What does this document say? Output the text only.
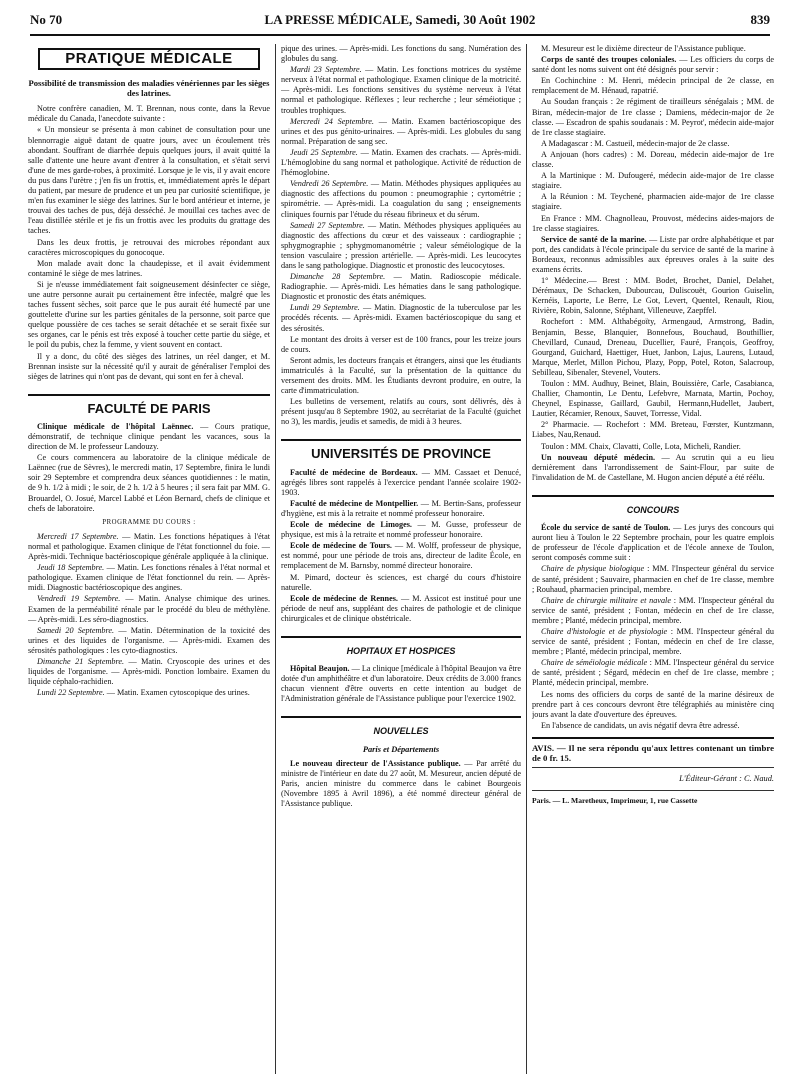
No 70	LA PRESSE MÉDICALE, Samedi, 30 Août 1902	839
PRATIQUE MÉDICALE
Possibilité de transmission des maladies vénériennes par les sièges des latrines.

Notre confrère canadien, M. T. Brennan, nous conte, dans la Revue médicale du Canada, l'anecdote suivante :

« Un monsieur se présenta à mon cabinet de consultation pour une blennorragie aiguë datant de quatre jours, avec un écoulement très abondant. Souffrant de diarrhée depuis quelques jours, il avait quitté la salle d'attente une heure avant d'entrer à la consultation, et s'était servi d'une de mes garde-robes, à proximité. Lorsque je le vis, il y avait encore du pus dans l'urètre ; j'en fis un frottis, et, immédiatement après le départ du patient, par mesure de prudence et un peu par curiosité scientifique, je m'en fus examiner le siège des latrines. Sur le bord antérieur et interne, je trouvai des taches de pus, déjà desséché. Je mouillai ces taches avec de l'eau distillée stérile et je fis un frottis avec les produits du grattage des taches.

Dans les deux frottis, je retrouvai des microbes répondant aux caractères microscopiques du gonocoque.

Mon malade avait donc la chaudepisse, et il avait évidemment contaminé le siège de mes latrines.

Si je n'eusse immédiatement fait soigneusement désinfecter ce siège, une autre personne aurait pu certainement être infectée, malgré que les taches fussent sèches, soit parce que le pus aurait été humecté par une gouttelette d'urine sur les parties génitales de la personne, soit parce que quelque poussière de ces taches se serait détachée et se serait fixée sur ses organes, car le pénis est très exposé à toucher cette partie du siège, et le poil du pubis, chez la femme, y vient souvent en contact.

Il y a donc, du côté des sièges des latrines, un réel danger, et M. Brennan insiste sur la nécessité qu'il y aurait de généraliser l'emploi des sièges de latrines qui n'ont pas de devant, qui sont en fer à cheval.

FACULTÉ DE PARIS

Clinique médicale de l'hôpital Laënnec. — Cours pratique, démonstratif, de technique clinique pendant les vacances, sous la direction de M. le professeur Landouzy.

Ce cours commencera au laboratoire de la clinique médicale de Laënnec (rue de Sèvres), le mercredi matin, 17 Septembre, finira le lundi soir 29 Septembre et comprendra deux séances quotidiennes : le matin, de 9 h. 1/2 à midi ; le soir, de 2 h. 1/2 à 5 heures ; il sera fait par MM. G. Brouardel, O. Josué, Marcel Labbé et Léon Bernard, chefs de clinique et chefs de laboratoire.

PROGRAMME DU COURS :

Mercredi 17 Septembre. — Matin. Les fonctions hépatiques à l'état normal et pathologique. Examen clinique de l'état fonctionnel du foie. — Après-midi. Technique bactérioscopique générale appliquée à la clinique.

Jeudi 18 Septembre. — Matin. Les fonctions rénales à l'état normal et pathologique. Examen clinique de l'état fonctionnel du rein. — Après-midi. Diagnostic bactérioscopique des angines.

Vendredi 19 Septembre. — Matin. Analyse chimique des urines. Examen de la perméabilité rénale par le procédé du bleu de méthylène. — Après-midi. Les séro-diagnostics.

Samedi 20 Septembre. — Matin. Détermination de la toxicité des urines et des liquides de l'organisme. — Après-midi. Examen des sérosités pathologiques : les cyto-diagnostics.

Dimanche 21 Septembre. — Matin. Cryoscopie des urines et des liquides de l'organisme. — Après-midi. Ponction lombaire. Examen du liquide céphalo-rachidien.

Lundi 22 Septembre. — Matin. Examen cytoscopique des urines.

pique des urines. — Après-midi. Les fonctions du sang. Numération des globules du sang.

Mardi 23 Septembre. — Matin. Les fonctions motrices du système nerveux à l'état normal et pathologique. Examen clinique de la motricité. — Après-midi. Les fonctions sensitives du système nerveux à l'état normal et pathologique. Réflexes ; leur recherche ; leur séméiotique ; troubles trophiques.

Mercredi 24 Septembre. — Matin. Examen bactérioscopique des urines et des pus génito-urinaires. — Après-midi. Les globules du sang normal. Préparation de sang sec.

Jeudi 25 Septembre. — Matin. Examen des crachats. — Après-midi. L'hémoglobine du sang normal et pathologique. Activité de réduction de l'hémoglobine.

Vendredi 26 Septembre. — Matin. Méthodes physiques appliquées au diagnostic des affections du poumon : pneumographie ; cyrtométrie ; spirométrie. — Après-midi. La coagulation du sang ; enseignements cliniques fournis par l'étude du réseau fibrineux et du sérum.

Samedi 27 Septembre. — Matin. Méthodes physiques appliquées au diagnostic des affections du cœur et des vaisseaux : cardiographie ; sphygmographie ; sphygmomanométrie ; valeur séméiologique de la tension vasculaire ; pression artérielle. — Après-midi. Les leucocytes dans le sang pathologique. Diagnostic et pronostic des leucocytoses.

Dimanche 28 Septembre. — Matin. Radioscopie médicale. Radiographie. — Après-midi. Les hématies dans le sang pathologique. Diagnostic et pronostic des états anémiques.

Lundi 29 Septembre. — Matin. Diagnostic de la tuberculose par les procédés récents. — Après-midi. Examen bactérioscopique du sang et des sérosités.

Le montant des droits à verser est de 100 francs, pour les treize jours de cours.

Seront admis, les docteurs français et étrangers, ainsi que les étudiants immatriculés à la Faculté, sur la présentation de la quittance du versement des droits. MM. les Étudiants devront produire, en outre, la carte d'immatriculation.

Les bulletins de versement, relatifs au cours, sont délivrés, dès à présent jusqu'au 8 Septembre 1902, au secrétariat de la Faculté (guichet no 3), les mardis, jeudis et samedis, de midi à 3 heures.

UNIVERSITÉS DE PROVINCE

Faculté de médecine de Bordeaux. — MM. Cassaet et Denucé, agrégés libres sont rappelés à l'exercice pendant l'année scolaire 1902-1903.

Faculté de médecine de Montpellier. — M. Bertin-Sans, professeur d'hygiène, est mis à la retraite et nommé professeur honoraire.

Ecole de médecine de Limoges. — M. Gusse, professeur de physique, est mis à la retraite et nommé professeur honoraire.

Ecole de médecine de Tours. — M. Wolff, professeur de physique, est nommé, pour une période de trois ans, directeur de ladite École, en remplacement de M. Barnsby, nommé directeur honoraire.

M. Pimard, docteur ès sciences, est chargé du cours d'histoire naturelle.

Ecole de médecine de Rennes. — M. Assicot est institué pour une période de neuf ans, suppléant des chaires de pathologie et de clinique chirurgicales et de clinique obstétricale.

HOPITAUX ET HOSPICES

Hôpital Beaujon. — La clinique [médicale à l'hôpital Beaujon va être dotée d'un amphithéâtre et d'un laboratoire. Deux crédits de 3.000 francs chacun viennent d'être ouverts en cette intention au budget de l'Administration générale de l'Assistance publique pour l'exercice 1902.

NOUVELLES
Paris et Départements

Le nouveau directeur de l'Assistance publique. — Par arrêté du ministre de l'intérieur en date du 27 août, M. Mesureur, ancien député de Paris, ancien ministre du commerce dans le cabinet Bourgeois (Novembre 1895 à Avril 1896), a été nommé directeur général de l'Assistance publique.

M. Mesureur est le dixième directeur de l'Assistance publique.

Corps de santé des troupes coloniales. — Les officiers du corps de santé dont les noms suivent ont été désignés pour servir :

En Cochinchine : M. Henri, médecin principal de 2e classe, en remplacement de M. Hénaud, rapatrié.

Au Soudan français : 2e régiment de tirailleurs sénégalais ; MM. de Biran, médecin-major de 1re classe ; Damiens, médecin-major de 2e classe. — Escadron de spahis soudanais : M. Peyrot', médecin aide-major de 1re classe stagiaire.

A Madagascar : M. Castueil, médecin-major de 2e classe.

A Anjouan (hors cadres) : M. Doreau, médecin aide-major de 1re classe.

A la Martinique : M. Dufougeré, médecin aide-major de 1re classe stagiaire.

A la Réunion : M. Teychené, pharmacien aide-major de 1re classe stagiaire.

En France : MM. Chagnolleau, Prouvost, médecins aides-majors de 1re classe stagiaires.

Service de santé de la marine. — Liste par ordre alphabétique et par port, des candidats à l'école principale du service de santé de la marine à Bordeaux, reconnus admissibles aux épreuves orales à la suite des examens écrits.

1° Médecine.— Brest : MM. Bodet, Brochet, Daniel, Delahet, Dérémaux, De Schacken, Dubourcau, Duliscouët, Gourion Guiselin, Kernéis, Laporte, Le Berre, Le Got, Levert, Quentel, Renault, Riou, Rivière, Robin, Salonne, Stéphant, Villeneuve, Zaepffel.

Rochefort : MM. Althabégoïty, Armengaud, Armstrong, Badin, Benjamin, Besse, Blanquier, Bonnefous, Bouchaud, Bouthillier, Chevillard, Cunaud, Dreneau, Ducellier, Fauré, François, Geoffroy, Gourgand, Guichard, Haettiger, Huet, Janbon, Lajus, Laurens, Lutaud, Marque, Merlet, Millon Pichou, Plazy, Popp, Potel, Roton, Salacroup, Sebilleau, Sibenaler, Stevenel, Vouters.

Toulon : MM. Audhuy, Beinet, Blain, Bouissière, Carle, Casabianca, Challier, Chamontin, Le Dentu, Lefebvre, Marnata, Martin, Pochoy, Cheynel, Espinasse, Gaillard, Gaubil, Hermann,Hudellet, Jaubert, Lautier, Récamier, Renoux, Sauvet, Torresse, Vidal.

2° Pharmacie. — Rochefort : MM. Breteau, Fœrster, Kuntzmann, Liabes, Nau,Renaud.

Toulon : MM. Chaix, Clavatti, Colle, Lota, Micheli, Randier.

Un nouveau député médecin. — Au scrutin qui a eu lieu dernièrement dans l'arrondissement de Saint-Flour, par suite de l'invalidation de M. de Castellane, M. Hugon ancien député a été réélu.

CONCOURS

École du service de santé de Toulon. — Les jurys des concours qui auront lieu à Toulon le 22 Septembre prochain, pour les quatre emplois de professeur de l'école d'application et de l'école annexe de Toulon, seront composés comme suit :

Chaire de physique biologique : MM. l'Inspecteur général du service de santé, président ; Sauvaire, pharmacien en chef de 1re classe, membre ; Rouhaud, pharmacien principal, membre.

Chaire de chirurgie militaire et navale : MM. l'Inspecteur général du service de santé, président ; Fontan, médecin en chef de 1re classe, membre ; Planté, médecin principal, membre.

Chaire d'histologie et de physiologie : MM. l'Inspecteur général du service de santé, président ; Fontan, médecin en chef de 1re classe, membre ; Planté, médecin principal, membre.

Chaire de séméiologie médicale : MM. l'Inspecteur général du service de santé, président ; Ségard, médecin en chef de 1re classe, membre ; Planté, médecin principal, membre.

Les noms des officiers du corps de santé de la marine désireux de prendre part à ces concours devront être télégraphiés au ministère cinq jours avant la date d'ouverture des épreuves.

En l'absence de candidats, un avis négatif devra être adressé.

AVIS. — Il ne sera répondu qu'aux lettres contenant un timbre de 0 fr. 15.
L'Éditeur-Gérant : C. Naud.
Paris. — L. Maretheux, Imprimeur, 1, rue Cassette
